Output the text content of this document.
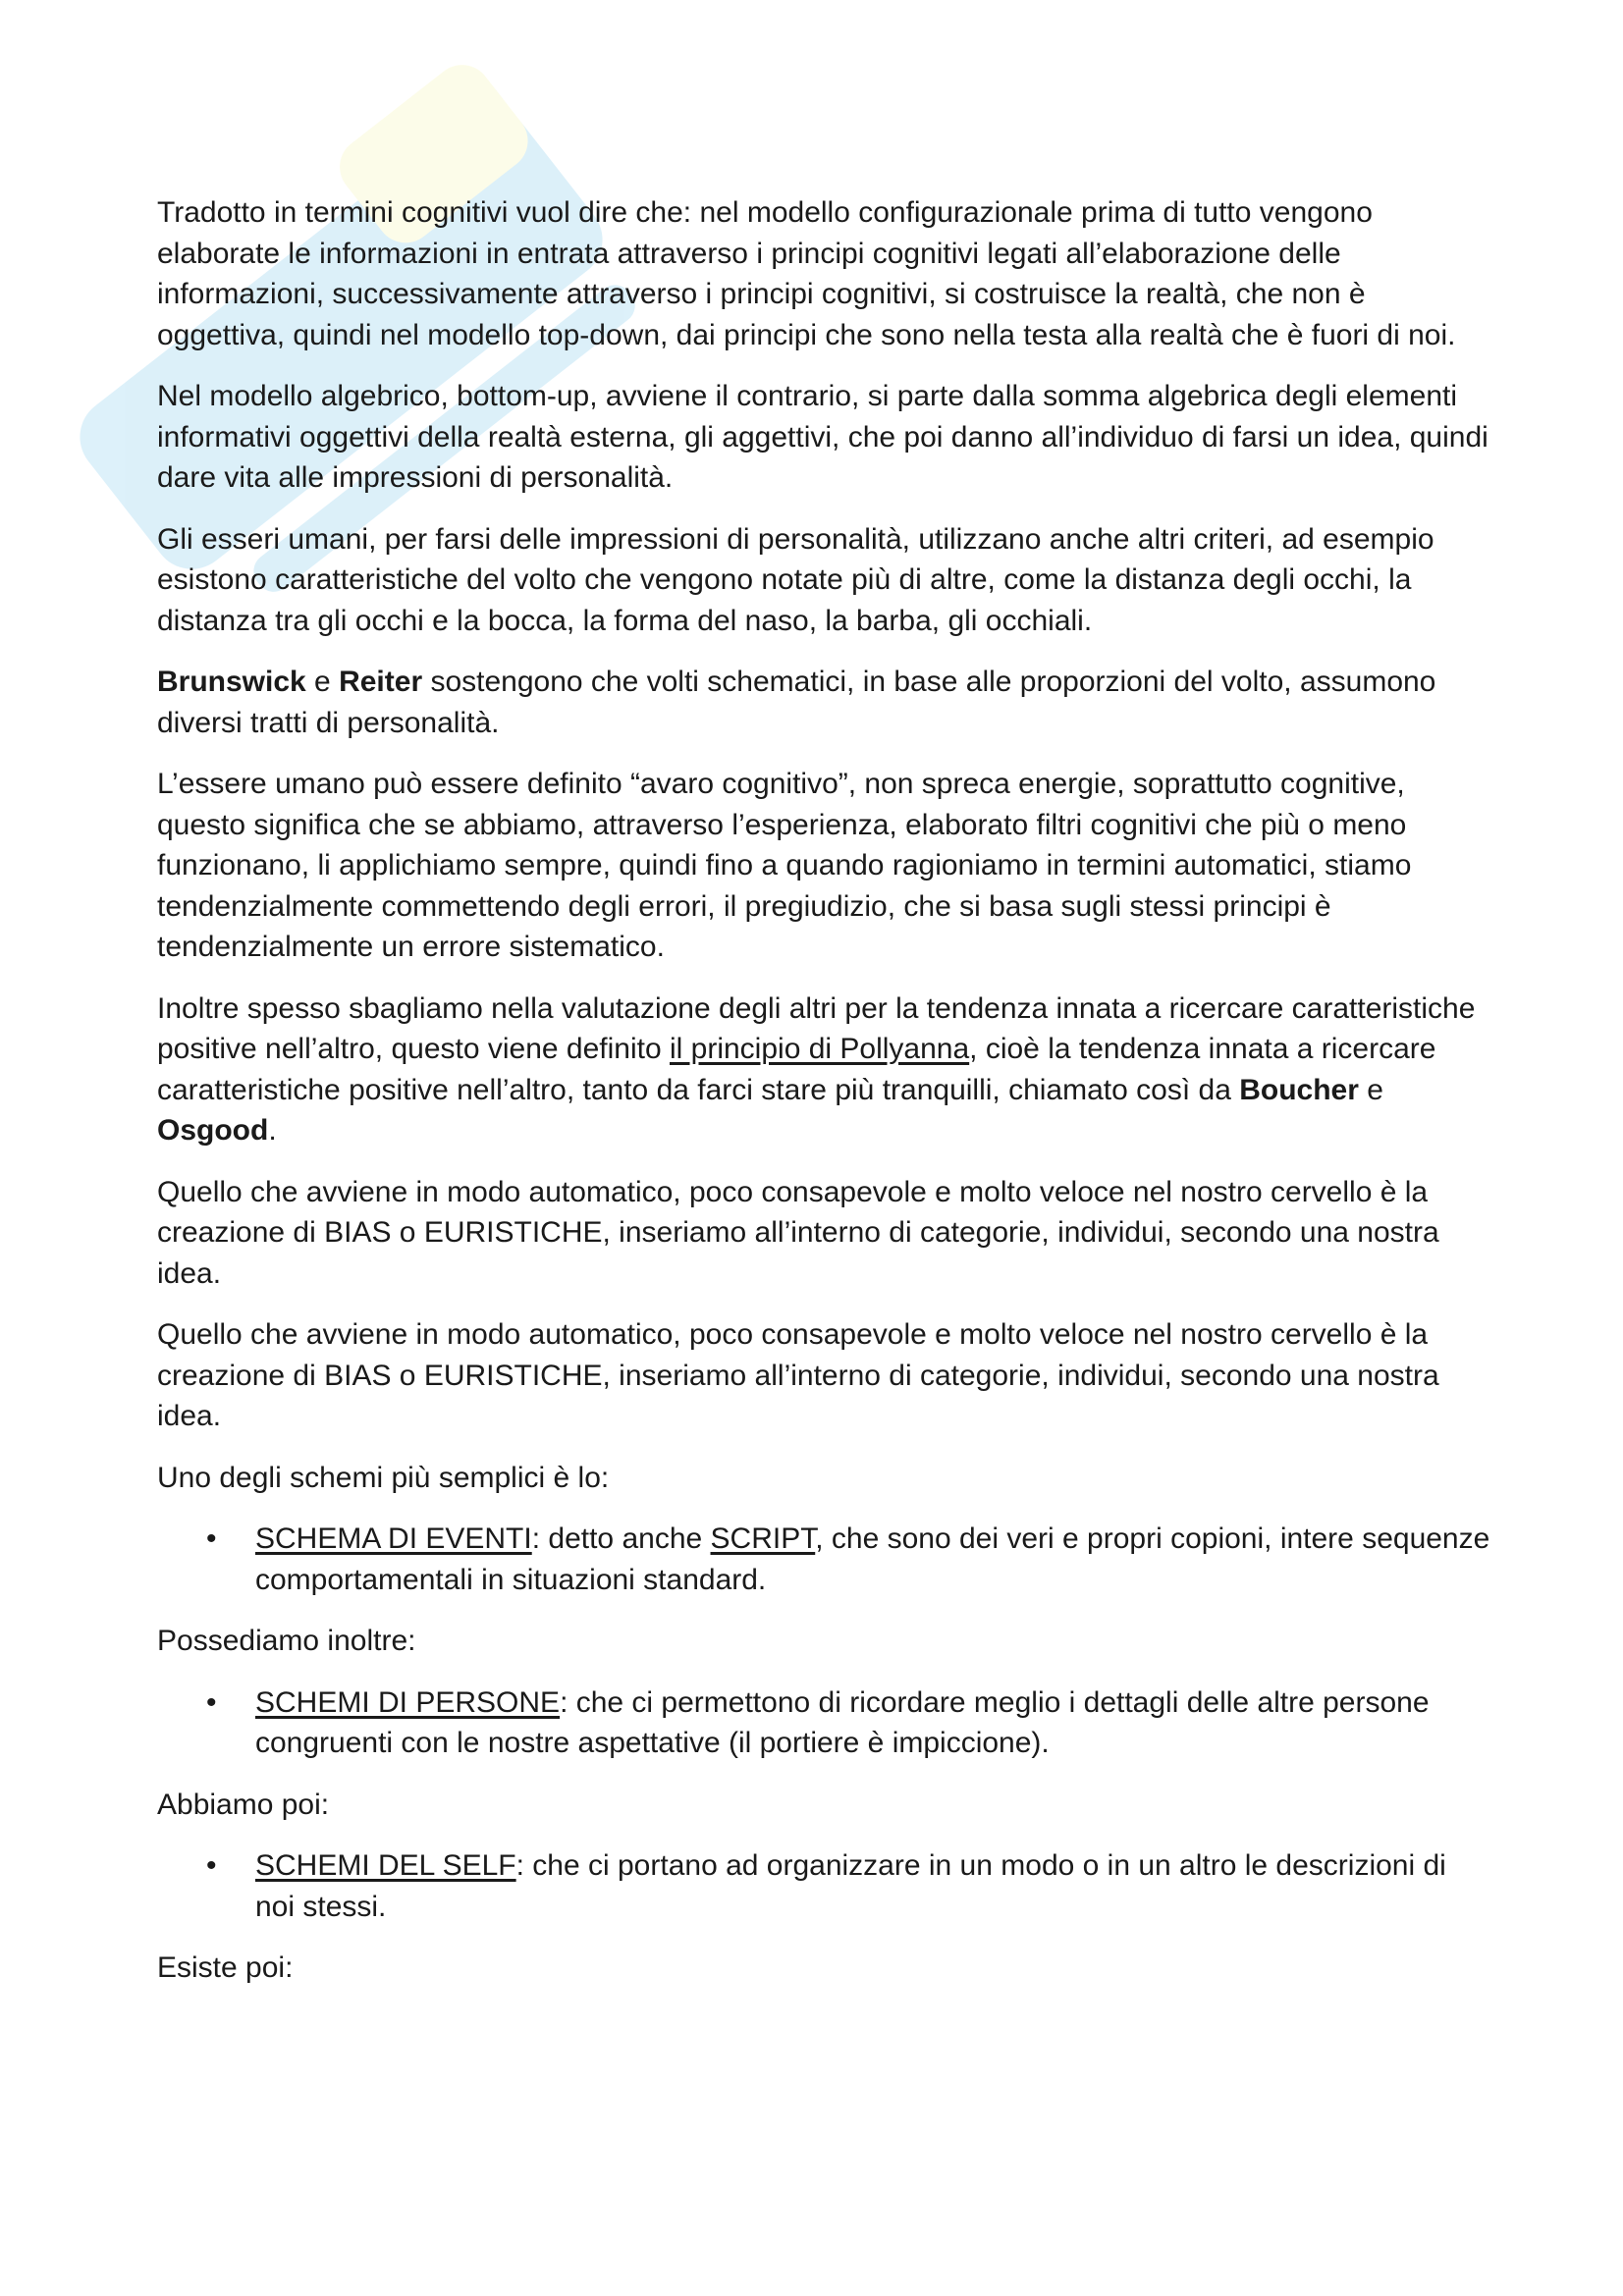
Tradotto in termini cognitivi vuol dire che: nel modello configurazionale prima di tutto vengono elaborate le informazioni in entrata attraverso i principi cognitivi legati all’elaborazione delle informazioni, successivamente attraverso i principi cognitivi, si costruisce la realtà, che non è oggettiva, quindi nel modello top-down, dai principi che sono nella testa alla realtà che è fuori di noi.

Nel modello algebrico, bottom-up, avviene il contrario, si parte dalla somma algebrica degli elementi informativi oggettivi della realtà esterna, gli aggettivi, che poi danno all’individuo di farsi un idea, quindi dare vita alle impressioni di personalità.

Gli esseri umani, per farsi delle impressioni di personalità, utilizzano anche altri criteri, ad esempio esistono caratteristiche del volto che vengono notate più di altre, come la distanza degli occhi, la distanza tra gli occhi e la bocca, la forma del naso, la barba, gli occhiali.

Brunswick e Reiter sostengono che volti schematici, in base alle proporzioni del volto, assumono diversi tratti di personalità.

L’essere umano può essere definito “avaro cognitivo”, non spreca energie, soprattutto cognitive, questo significa che se abbiamo, attraverso l’esperienza, elaborato filtri cognitivi che più o meno funzionano, li applichiamo sempre, quindi fino a quando ragioniamo in termini automatici, stiamo tendenzialmente commettendo degli errori, il pregiudizio, che si basa sugli stessi principi è tendenzialmente un errore sistematico.

Inoltre spesso sbagliamo nella valutazione degli altri per la tendenza innata a ricercare caratteristiche positive nell’altro, questo viene definito il principio di Pollyanna, cioè la tendenza innata a ricercare caratteristiche positive nell’altro, tanto da farci stare più tranquilli, chiamato così da Boucher e Osgood.

Quello che avviene in modo automatico, poco consapevole e molto veloce nel nostro cervello è la creazione di BIAS o EURISTICHE, inseriamo all’interno di categorie, individui, secondo una nostra idea.

Quello che avviene in modo automatico, poco consapevole e molto veloce nel nostro cervello è la creazione di BIAS o EURISTICHE, inseriamo all’interno di categorie, individui, secondo una nostra idea.

Uno degli schemi più semplici è lo:

• SCHEMA DI EVENTI: detto anche SCRIPT, che sono dei veri e propri copioni, intere sequenze comportamentali in situazioni standard.

Possediamo inoltre:

• SCHEMI DI PERSONE: che ci permettono di ricordare meglio i dettagli delle altre persone congruenti con le nostre aspettative (il portiere è impiccione).

Abbiamo poi:

• SCHEMI DEL SELF: che ci portano ad organizzare in un modo o in un altro le descrizioni di noi stessi.

Esiste poi:
